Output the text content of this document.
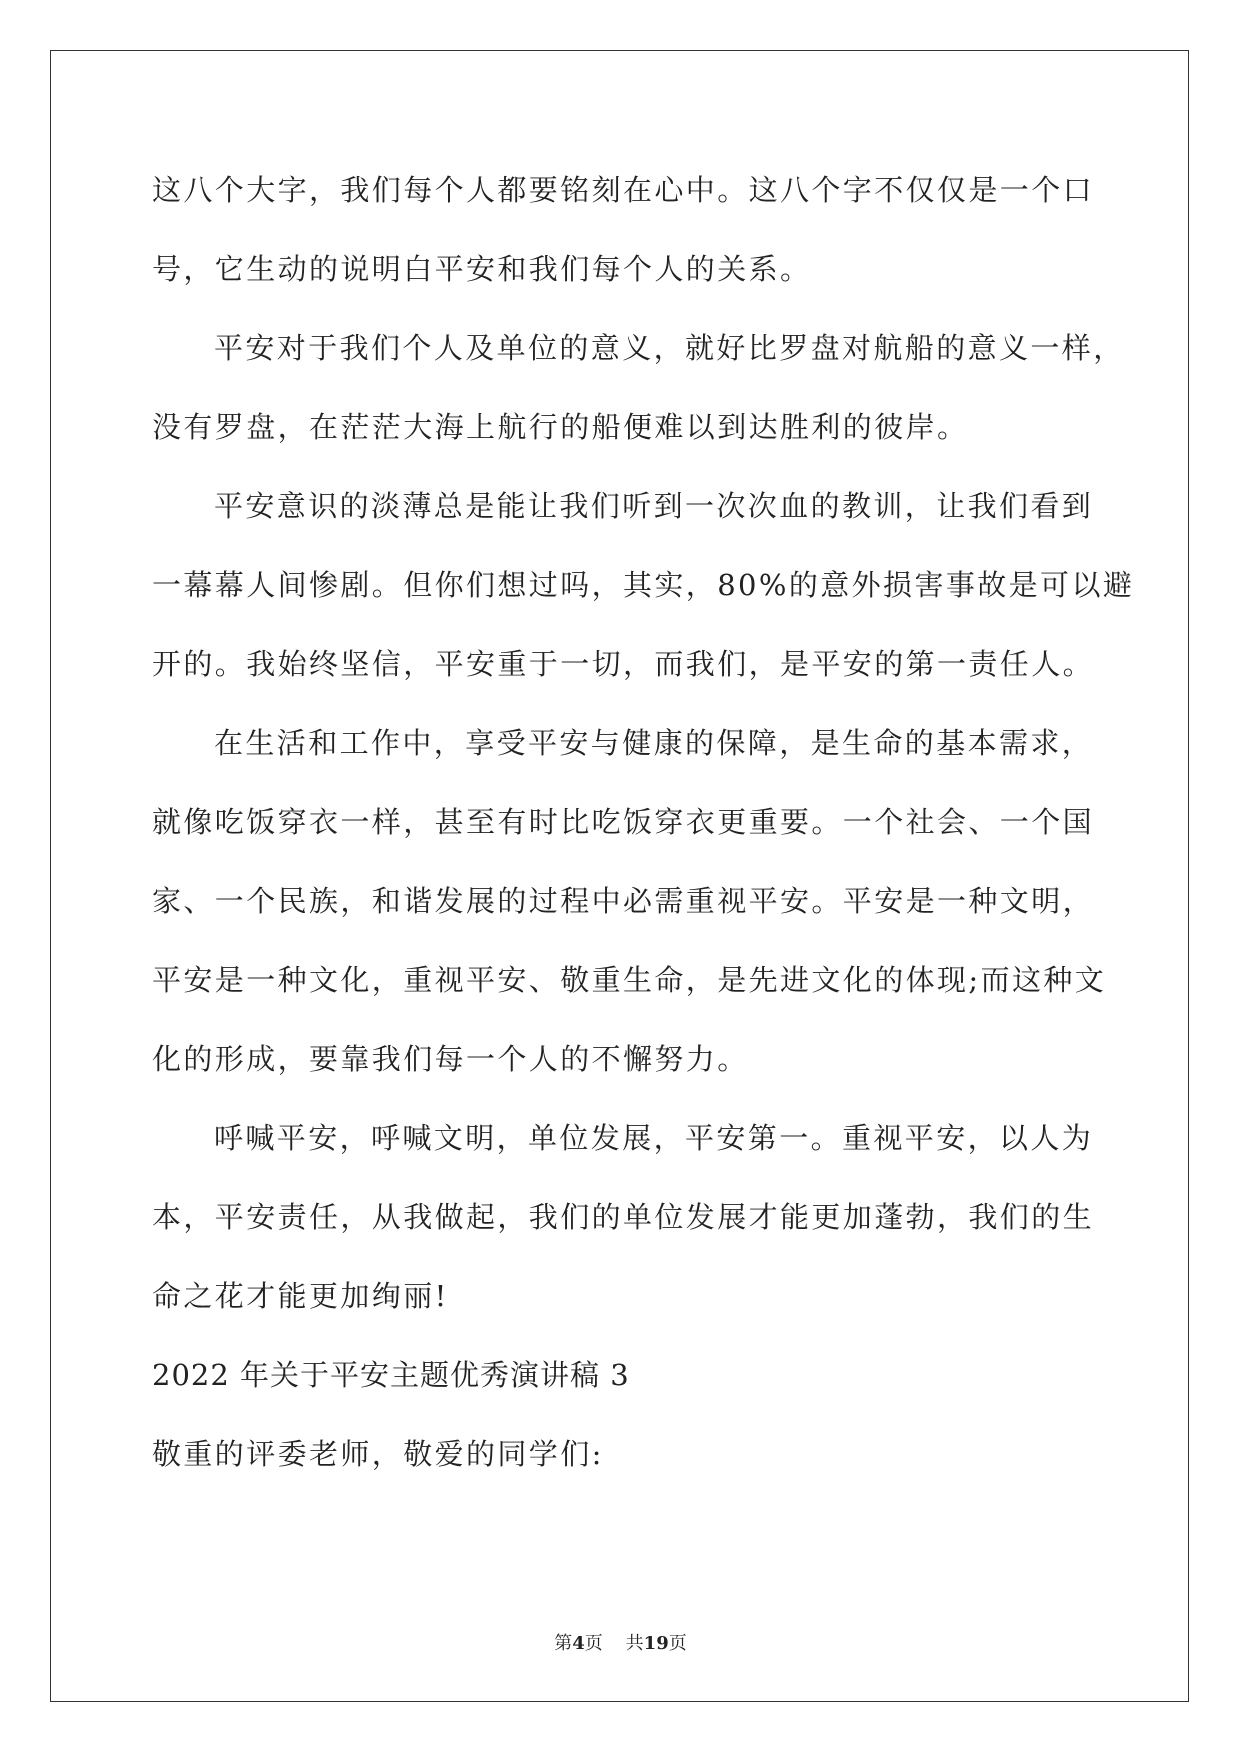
这八个大字，我们每个人都要铭刻在心中。这八个字不仅仅是一个口
号，它生动的说明白平安和我们每个人的关系。
平安对于我们个人及单位的意义，就好比罗盘对航船的意义一样，
没有罗盘，在茫茫大海上航行的船便难以到达胜利的彼岸。
平安意识的淡薄总是能让我们听到一次次血的教训，让我们看到
一幕幕人间惨剧。但你们想过吗，其实，80%的意外损害事故是可以避
开的。我始终坚信，平安重于一切，而我们，是平安的第一责任人。
在生活和工作中，享受平安与健康的保障，是生命的基本需求，
就像吃饭穿衣一样，甚至有时比吃饭穿衣更重要。一个社会、一个国
家、一个民族，和谐发展的过程中必需重视平安。平安是一种文明，
平安是一种文化，重视平安、敬重生命，是先进文化的体现;而这种文
化的形成，要靠我们每一个人的不懈努力。
呼喊平安，呼喊文明，单位发展，平安第一。重视平安，以人为
本，平安责任，从我做起，我们的单位发展才能更加蓬勃，我们的生
命之花才能更加绚丽!
2022 年关于平安主题优秀演讲稿 3
敬重的评委老师，敬爱的同学们:
第4页    共19页
